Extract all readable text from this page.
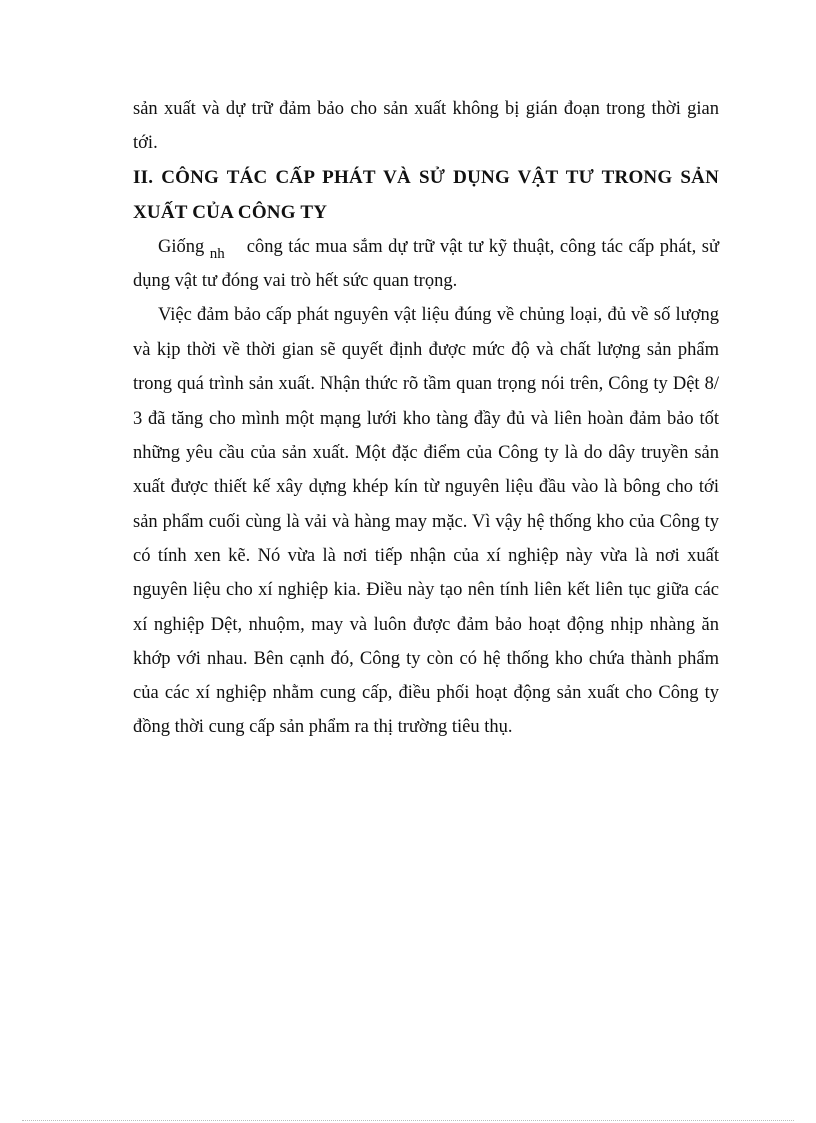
sản xuất và dự trữ đảm bảo cho sản xuất không bị gián đoạn trong thời gian
tới.
II. CÔNG TÁC CẤP PHÁT VÀ SỬ DỤNG VẬT TƯ TRONG SẢN
XUẤT CỦA CÔNG TY
Giống $_{nh}$ công tác mua sắm dự trữ vật tư kỹ thuật, công tác cấp phát, sử
dụng vật tư đóng vai trò hết sức quan trọng.
Việc đảm bảo cấp phát nguyên vật liệu đúng về chủng loại, đủ về số lượng
và kịp thời về thời gian sẽ quyết định được mức độ và chất lượng sản phẩm
trong quá trình sản xuất. Nhận thức rõ tầm quan trọng nói trên, Công ty Dệt 8/
3 đã tăng cho mình một mạng lưới kho tàng đầy đủ và liên hoàn đảm bảo tốt
những yêu cầu của sản xuất. Một đặc điểm của Công ty là do dây truyền sản
xuất được thiết kế xây dựng khép kín từ nguyên liệu đầu vào là bông cho tới
sản phẩm cuối cùng là vải và hàng may mặc. Vì vậy hệ thống kho của Công ty
có tính xen kẽ. Nó vừa là nơi tiếp nhận của xí nghiệp này vừa là nơi xuất
nguyên liệu cho xí nghiệp kia. Điều này tạo nên tính liên kết liên tục giữa các
xí nghiệp Dệt, nhuộm, may và luôn được đảm bảo hoạt động nhịp nhàng ăn
khớp với nhau. Bên cạnh đó, Công ty còn có hệ thống kho chứa thành phẩm
của các xí nghiệp nhằm cung cấp, điều phối hoạt động sản xuất cho Công ty
đồng thời cung cấp sản phẩm ra thị trường tiêu thụ.
